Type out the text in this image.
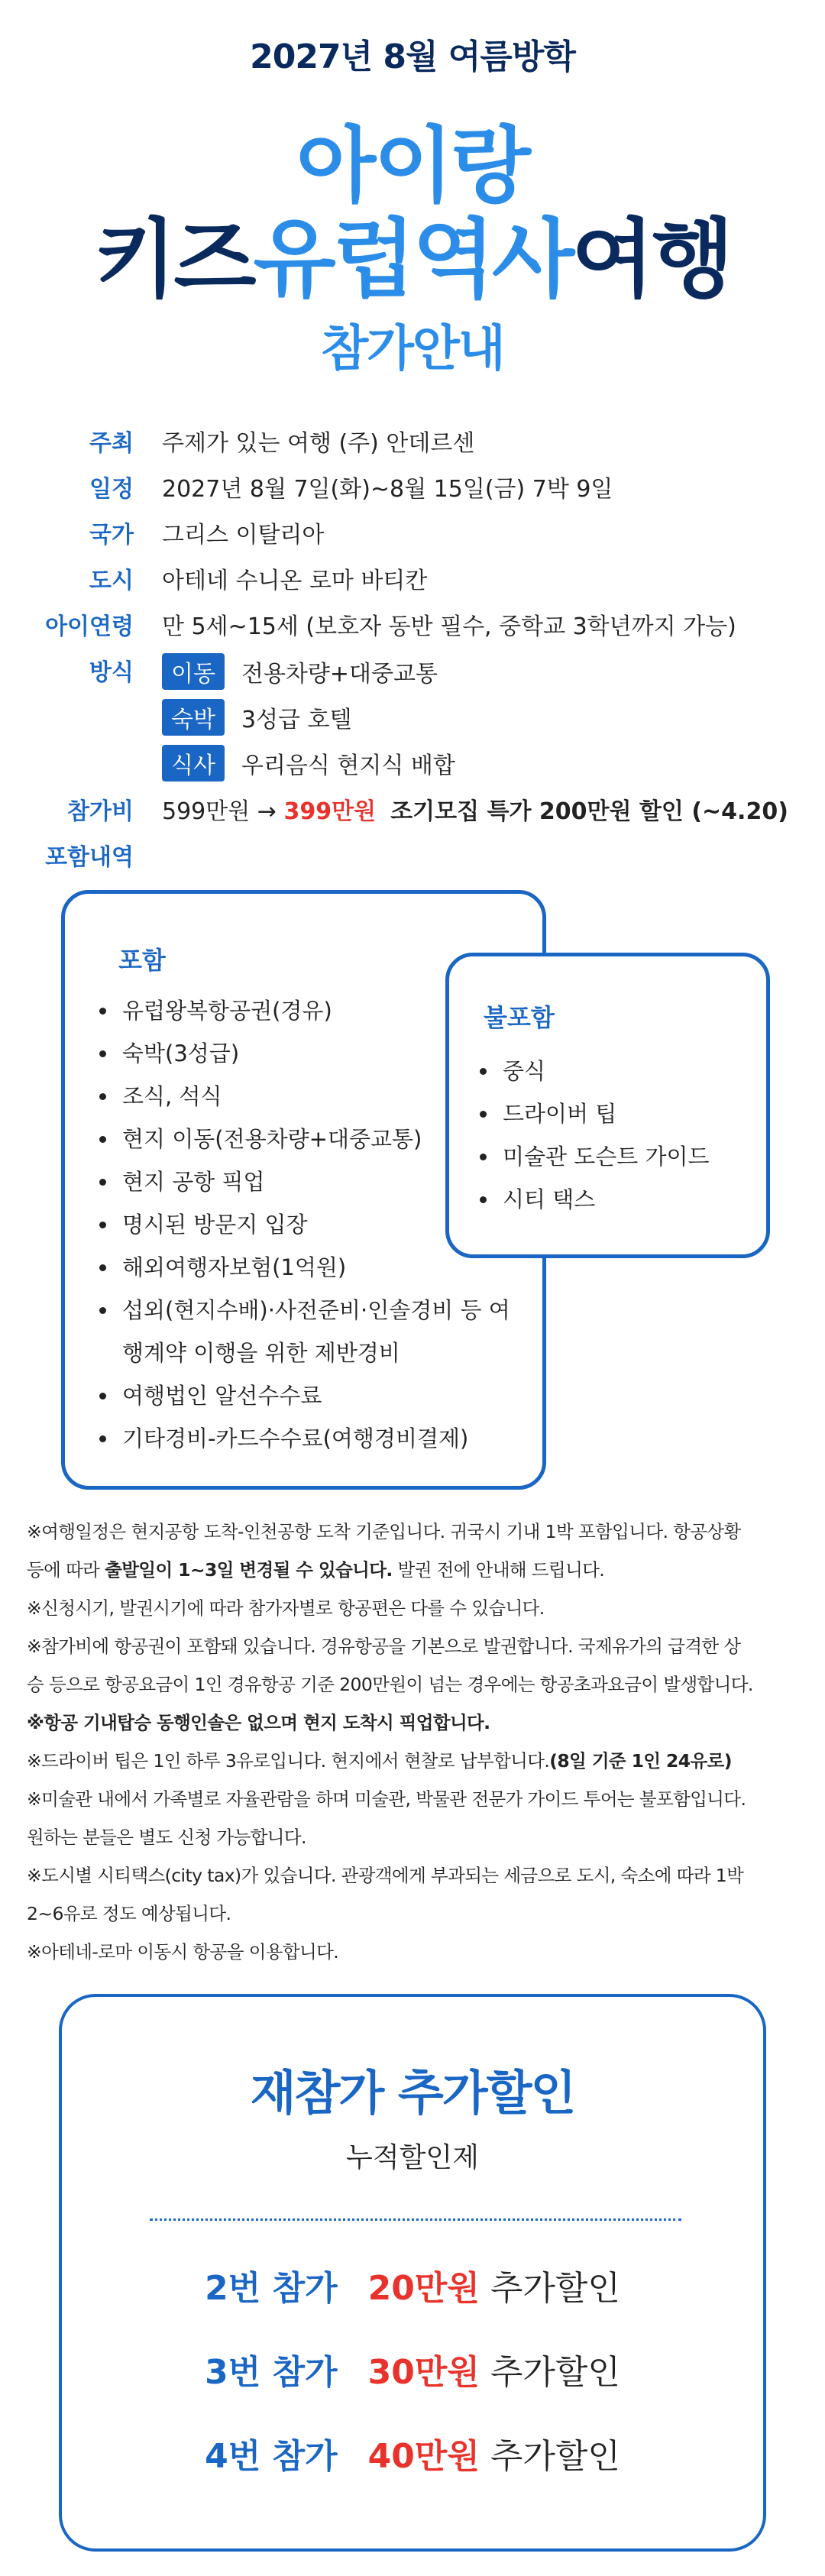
2027년 8월 여름방학
아이랑
키즈유럽역사여행
참가안내
주최 주제가 있는 여행 (주) 안데르센
일정 2027년 8월 7일(화)~8월 15일(금) 7박 9일
국가 그리스 이탈리아
도시 아테네 수니온 로마 바티칸
아이연령 만 5세~15세 (보호자 동반 필수, 중학교 3학년까지 가능)
방식	이동 전용차량+대중교통
숙박 3성급 호텔
식사 우리음식 현지식 배합
참가비 599만원 → 399만원 조기모집 특가 200만원 할인 (~4.20)
포함내역
포함
유럽왕복항공권(경유)
숙박(3성급)
조식, 석식
현지 이동(전용차량+대중교통)
현지 공항 픽업
명시된 방문지 입장
해외여행자보험(1억원)
섭외(현지수배)·사전준비·인솔경비 등 여
행계약 이행을 위한 제반경비
여행법인 알선수수료
기타경비-카드수수료(여행경비결제)
불포함
중식
드라이버 팁
미술관 도슨트 가이드
시티 택스

※여행일정은 현지공항 도착-인천공항 도착 기준입니다. 귀국시 기내 1박 포함입니다. 항공상황

등에 따라 출발일이 1~3일 변경될 수 있습니다. 발권 전에 안내해 드립니다.

※신청시기, 발권시기에 따라 참가자별로 항공편은 다를 수 있습니다.

※참가비에 항공권이 포함돼 있습니다. 경유항공을 기본으로 발권합니다. 국제유가의 급격한 상

승 등으로 항공요금이 1인 경유항공 기준 200만원이 넘는 경우에는 항공초과요금이 발생합니다.

※항공 기내탑승 동행인솔은 없으며 현지 도착시 픽업합니다.

※드라이버 팁은 1인 하루 3유로입니다. 현지에서 현찰로 납부합니다.(8일 기준 1인 24유로)

※미술관 내에서 가족별로 자율관람을 하며 미술관, 박물관 전문가 가이드 투어는 불포함입니다.

원하는 분들은 별도 신청 가능합니다.

※도시별 시티택스(city tax)가 있습니다. 관광객에게 부과되는 세금으로 도시, 숙소에 따라 1박

2~6유로 정도 예상됩니다.

※아테네-로마 이동시 항공을 이용합니다.

재참가 추가할인
누적할인제
2번 참가 20만원 추가할인
3번 참가 30만원 추가할인
4번 참가 40만원 추가할인
